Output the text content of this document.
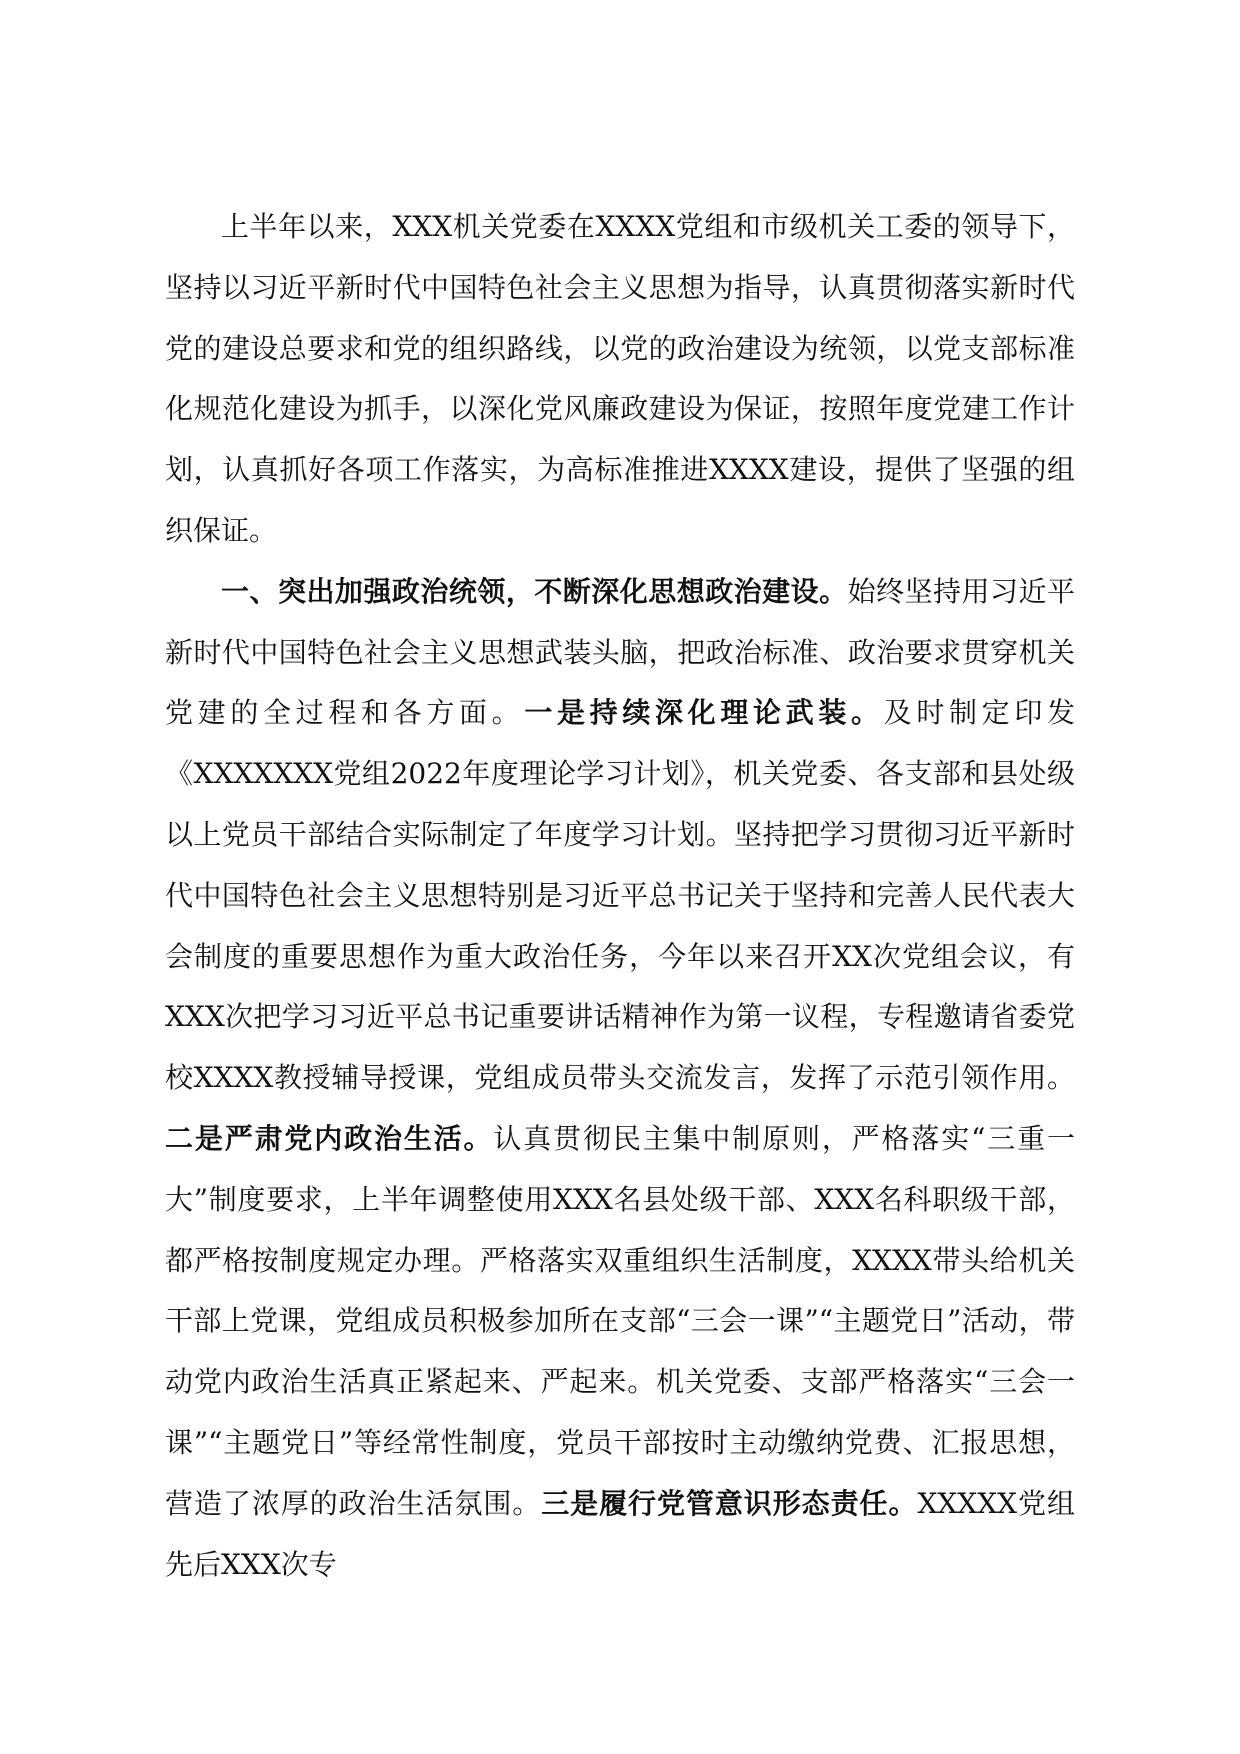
上半年以来，XXX机关党委在XXXX党组和市级机关工委的领导下，坚持以习近平新时代中国特色社会主义思想为指导，认真贯彻落实新时代党的建设总要求和党的组织路线，以党的政治建设为统领，以党支部标准化规范化建设为抓手，以深化党风廉政建设为保证，按照年度党建工作计划，认真抓好各项工作落实，为高标准推进XXXX建设，提供了坚强的组织保证。

一、突出加强政治统领，不断深化思想政治建设。始终坚持用习近平新时代中国特色社会主义思想武装头脑，把政治标准、政治要求贯穿机关党建的全过程和各方面。一是持续深化理论武装。及时制定印发《XXXXXXX党组2022年度理论学习计划》，机关党委、各支部和县处级以上党员干部结合实际制定了年度学习计划。坚持把学习贯彻习近平新时代中国特色社会主义思想特别是习近平总书记关于坚持和完善人民代表大会制度的重要思想作为重大政治任务，今年以来召开XX次党组会议，有XXX次把学习习近平总书记重要讲话精神作为第一议程，专程邀请省委党校XXXX教授辅导授课，党组成员带头交流发言，发挥了示范引领作用。二是严肃党内政治生活。认真贯彻民主集中制原则，严格落实“三重一大”制度要求，上半年调整使用XXX名县处级干部、XXX名科职级干部，都严格按制度规定办理。严格落实双重组织生活制度，XXXX带头给机关干部上党课，党组成员积极参加所在支部“三会一课”“主题党日”活动，带动党内政治生活真正紧起来、严起来。机关党委、支部严格落实“三会一课”“主题党日”等经常性制度，党员干部按时主动缴纳党费、汇报思想，营造了浓厚的政治生活氛围。三是履行党管意识形态责任。XXXXX党组先后XXX次专
